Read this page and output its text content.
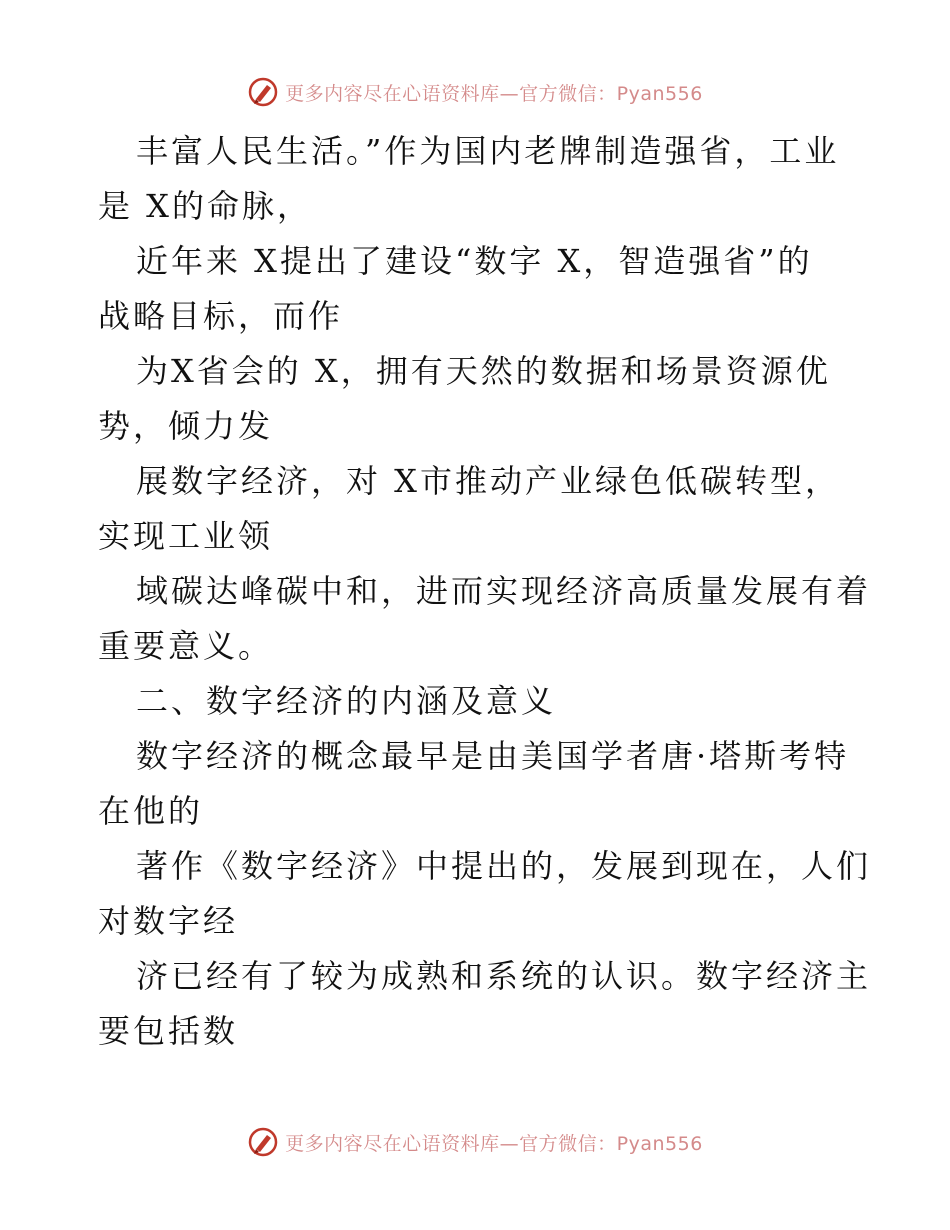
更多内容尽在心语资料库—官方微信：Pyan556

丰富人民生活。”作为国内老牌制造强省，工业
是 X的命脉，

近年来 X提出了建设“数字 X，智造强省”的
战略目标，而作

为X省会的 X，拥有天然的数据和场景资源优
势，倾力发

展数字经济，对 X市推动产业绿色低碳转型，
实现工业领

域碳达峰碳中和，进而实现经济高质量发展有着
重要意义。

二、数字经济的内涵及意义

数字经济的概念最早是由美国学者唐·塔斯考特
在他的

著作《数字经济》中提出的，发展到现在，人们
对数字经

济已经有了较为成熟和系统的认识。数字经济主
要包括数

更多内容尽在心语资料库—官方微信：Pyan556
